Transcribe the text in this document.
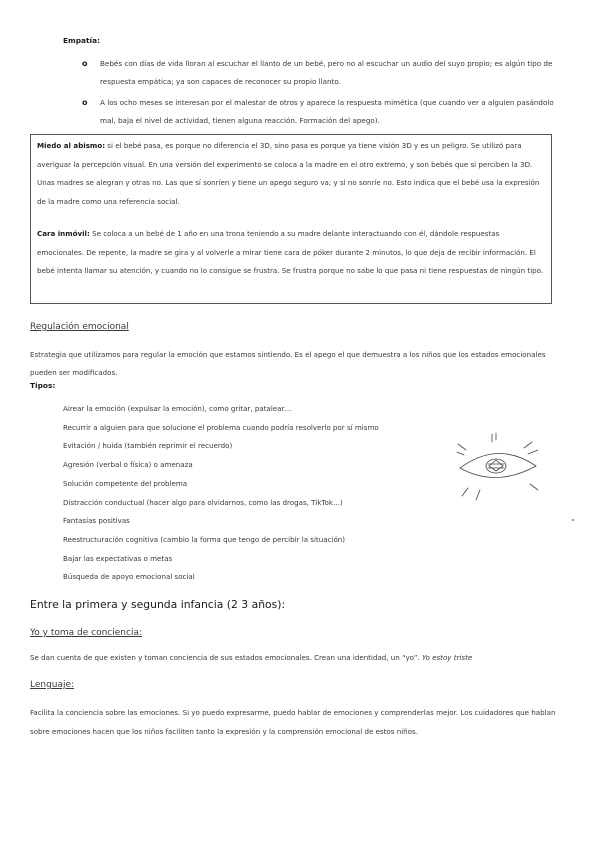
Empatía:
o Bebés con días de vida lloran al escuchar el llanto de un bebé, pero no al escuchar un audio del suyo propio; es algún tipo de respuesta empática; ya son capaces de reconocer su propio llanto.
o A los ocho meses se interesan por el malestar de otros y aparece la respuesta mimética (que cuando ver a alguien pasándolo mal, baja el nivel de actividad, tienen alguna reacción. Formación del apego).

Miedo al abismo: si el bebé pasa, es porque no diferencia el 3D, sino pasa es porque ya tiene visión 3D y es un peligro. Se utilizó para averiguar la percepción visual. En una versión del experimento se coloca a la madre en el otro extremo, y son bebés que si perciben la 3D. Unas madres se alegran y otras no. Las que sí sonríen y tiene un apego seguro va; y si no sonríe no. Esto indica que el bebé usa la expresión de la madre como una referencia social.

Cara inmóvil: Se coloca a un bebé de 1 año en una trona teniendo a su madre delante interactuando con él, dándole respuestas emocionales. De repente, la madre se gira y al volverle a mirar tiene cara de póker durante 2 minutos, lo que deja de recibir información. El bebé intenta llamar su atención, y cuando no lo consigue se frustra. Se frustra porque no sabe lo que pasa ni tiene respuestas de ningún tipo.

Regulación emocional

Estrategia que utilizamos para regular la emoción que estamos sintiendo. Es el apego el que demuestra a los niños que los estados emocionales pueden ser modificados.

Tipos:
Airear la emoción (expulsar la emoción), como gritar, patalear…
Recurrir a alguien para que solucione el problema cuando podría resolverlo por sí mismo
Evitación / huida (también reprimir el recuerdo)
Agresión (verbal o física) o amenaza
Solución competente del problema
Distracción conductual (hacer algo para olvidarnos, como las drogas, TikTok…)
Fantasías positivas
Reestructuración cognitiva (cambio la forma que tengo de percibir la situación)
Bajar las expectativas o metas
Búsqueda de apoyo emocional social
Entre la primera y segunda infancia (2 3 años):
Yo y toma de conciencia:
Se dan cuenta de que existen y toman conciencia de sus estados emocionales. Crean una identidad, un “yo”. Yo estoy triste
Lenguaje:

Facilita la conciencia sobre las emociones. Si yo puedo expresarme, puedo hablar de emociones y comprenderlas mejor. Los cuidadores que hablan sobre emociones hacen que los niños faciliten tanto la expresión y la comprensión emocional de estos niños.
